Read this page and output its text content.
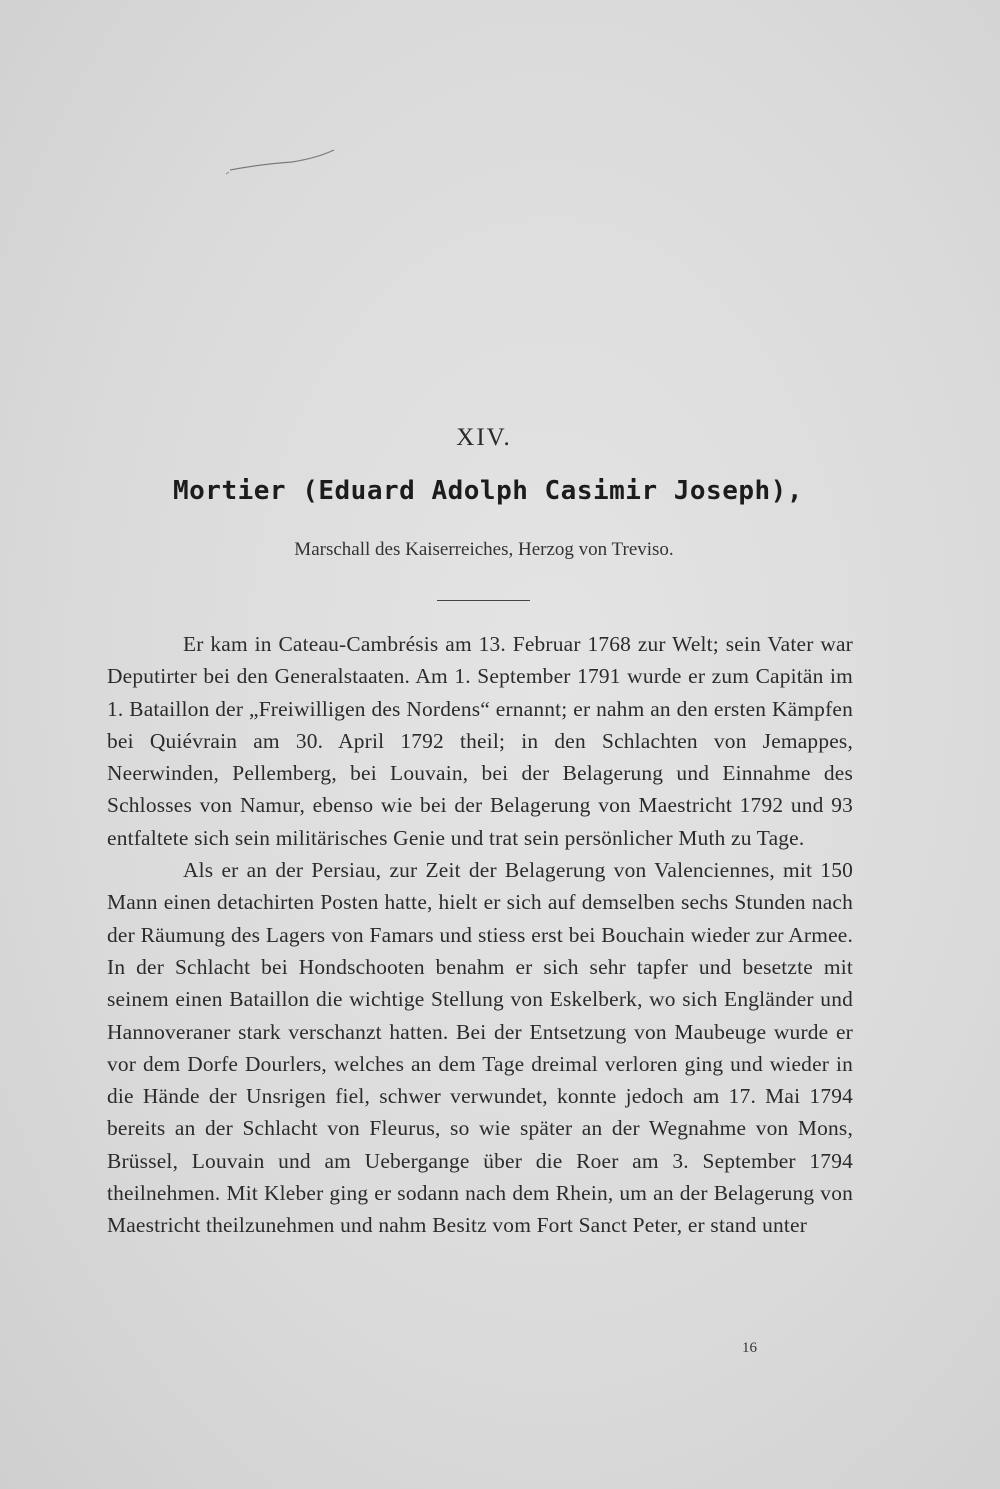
XIV.
Mortier (Eduard Adolph Casimir Joseph),
Marschall des Kaiserreiches, Herzog von Treviso.

Er kam in Cateau-Cambrésis am 13. Februar 1768 zur Welt; sein Vater war Deputirter bei den Generalstaaten. Am 1. September 1791 wurde er zum Capitän im 1. Bataillon der „Freiwilligen des Nordens“ ernannt; er nahm an den ersten Kämpfen bei Quiévrain am 30. April 1792 theil; in den Schlachten von Jemappes, Neerwinden, Pellemberg, bei Louvain, bei der Belagerung und Einnahme des Schlosses von Namur, ebenso wie bei der Belagerung von Maestricht 1792 und 93 entfaltete sich sein militärisches Genie und trat sein persönlicher Muth zu Tage.

Als er an der Persiau, zur Zeit der Belagerung von Valenciennes, mit 150 Mann einen detachirten Posten hatte, hielt er sich auf demselben sechs Stunden nach der Räumung des Lagers von Famars und stiess erst bei Bouchain wieder zur Armee. In der Schlacht bei Hondschooten benahm er sich sehr tapfer und besetzte mit seinem einen Bataillon die wichtige Stellung von Eskelberk, wo sich Engländer und Hannoveraner stark verschanzt hatten. Bei der Entsetzung von Maubeuge wurde er vor dem Dorfe Dourlers, welches an dem Tage dreimal verloren ging und wieder in die Hände der Unsrigen fiel, schwer verwundet, konnte jedoch am 17. Mai 1794 bereits an der Schlacht von Fleurus, so wie später an der Wegnahme von Mons, Brüssel, Louvain und am Uebergange über die Roer am 3. September 1794 theilnehmen. Mit Kleber ging er sodann nach dem Rhein, um an der Belagerung von Maestricht theilzunehmen und nahm Besitz vom Fort Sanct Peter, er stand unter

16
